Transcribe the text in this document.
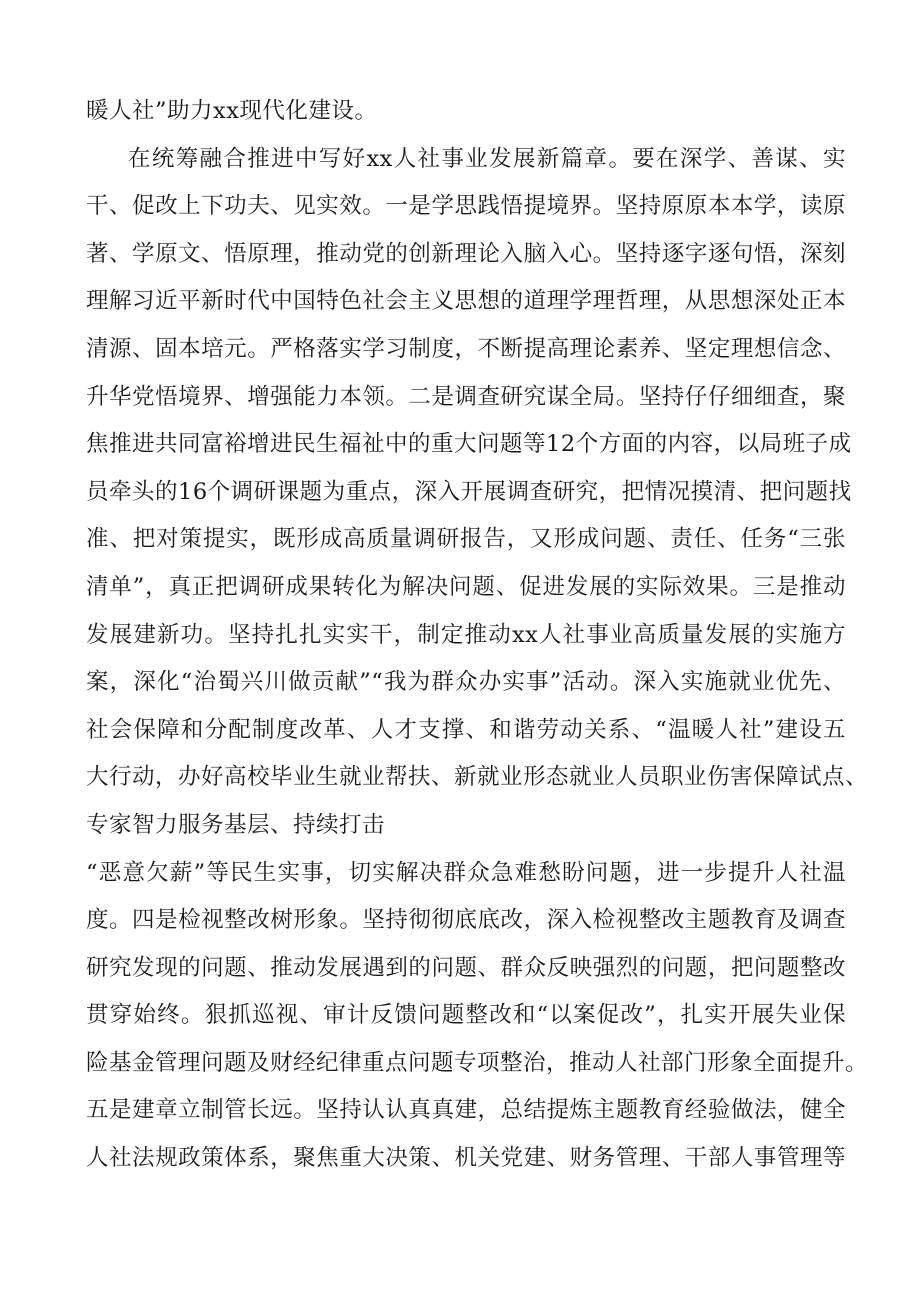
暖人社”助力xx现代化建设。
在统筹融合推进中写好xx人社事业发展新篇章。要在深学、善谋、实
干、促改上下功夫、见实效。一是学思践悟提境界。坚持原原本本学，读原
著、学原文、悟原理，推动党的创新理论入脑入心。坚持逐字逐句悟，深刻
理解习近平新时代中国特色社会主义思想的道理学理哲理，从思想深处正本
清源、固本培元。严格落实学习制度，不断提高理论素养、坚定理想信念、
升华党悟境界、增强能力本领。二是调查研究谋全局。坚持仔仔细细查，聚
焦推进共同富裕增进民生福祉中的重大问题等12个方面的内容，以局班子成
员牵头的16个调研课题为重点，深入开展调查研究，把情况摸清、把问题找
准、把对策提实，既形成高质量调研报告，又形成问题、责任、任务“三张
清单”，真正把调研成果转化为解决问题、促进发展的实际效果。三是推动
发展建新功。坚持扎扎实实干，制定推动xx人社事业高质量发展的实施方
案，深化“治蜀兴川做贡献”“我为群众办实事”活动。深入实施就业优先、
社会保障和分配制度改革、人才支撑、和谐劳动关系、“温暖人社”建设五
大行动，办好高校毕业生就业帮扶、新就业形态就业人员职业伤害保障试点、
专家智力服务基层、持续打击
“恶意欠薪”等民生实事，切实解决群众急难愁盼问题，进一步提升人社温
度。四是检视整改树形象。坚持彻彻底底改，深入检视整改主题教育及调查
研究发现的问题、推动发展遇到的问题、群众反映强烈的问题，把问题整改
贯穿始终。狠抓巡视、审计反馈问题整改和“以案促改”，扎实开展失业保
险基金管理问题及财经纪律重点问题专项整治，推动人社部门形象全面提升。
五是建章立制管长远。坚持认认真真建，总结提炼主题教育经验做法，健全
人社法规政策体系，聚焦重大决策、机关党建、财务管理、干部人事管理等
